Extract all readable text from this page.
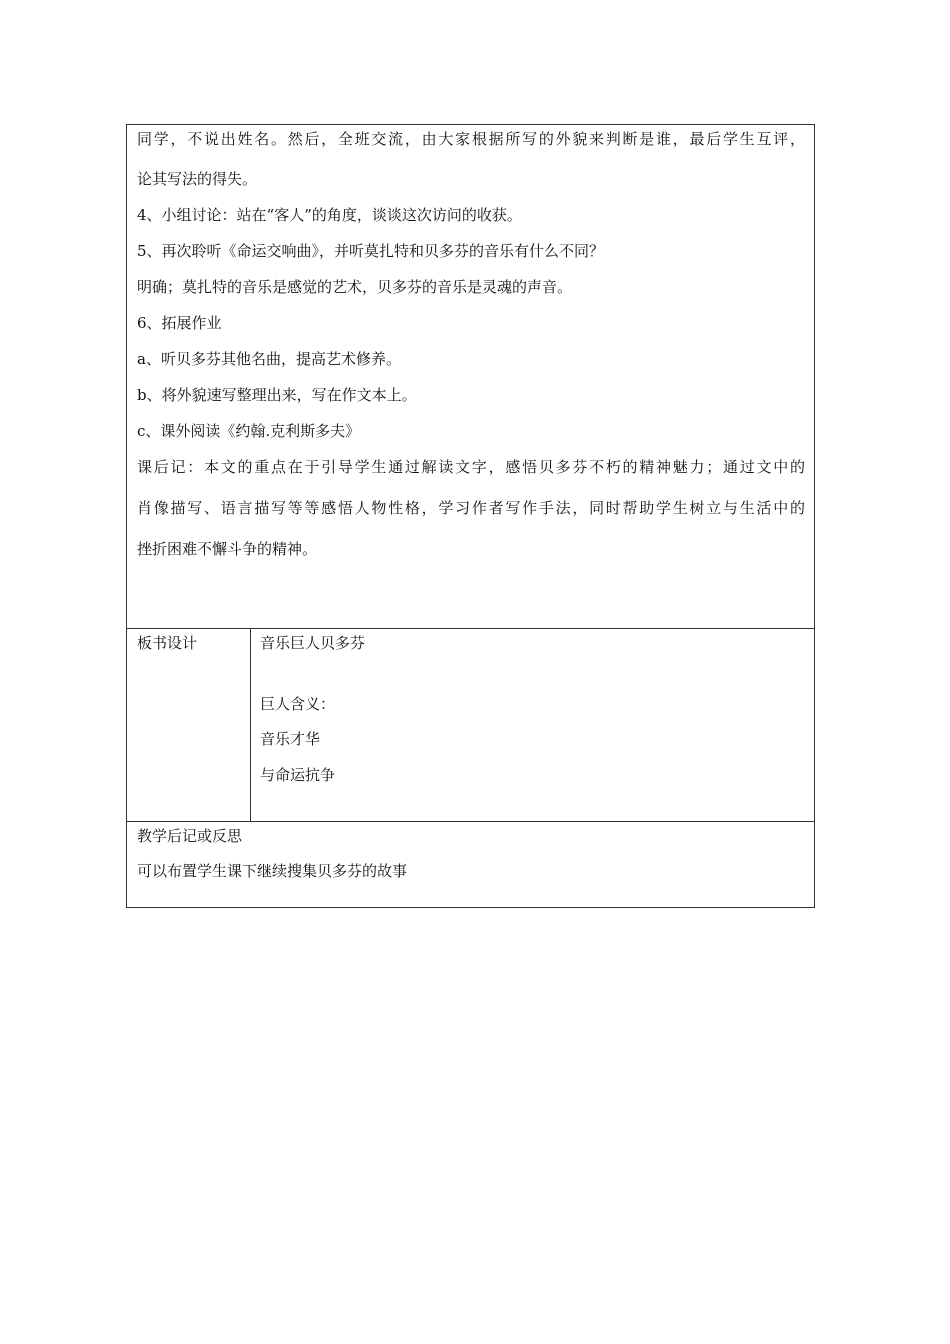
同学，不说出姓名。然后，全班交流，由大家根据所写的外貌来判断是谁，最后学生互评，
论其写法的得失。
4、小组讨论：站在“客人”的角度，谈谈这次访问的收获。
5、再次聆听《命运交响曲》，并听莫扎特和贝多芬的音乐有什么不同？
明确；莫扎特的音乐是感觉的艺术，贝多芬的音乐是灵魂的声音。
6、拓展作业
a、听贝多芬其他名曲，提高艺术修养。
b、将外貌速写整理出来，写在作文本上。
c、课外阅读《约翰.克利斯多夫》
课后记：本文的重点在于引导学生通过解读文字，感悟贝多芬不朽的精神魅力；通过文中的
肖像描写、语言描写等等感悟人物性格，学习作者写作手法，同时帮助学生树立与生活中的
挫折困难不懈斗争的精神。
板书设计	音乐巨人贝多芬
巨人含义：
音乐才华
与命运抗争
教学后记或反思
可以布置学生课下继续搜集贝多芬的故事
